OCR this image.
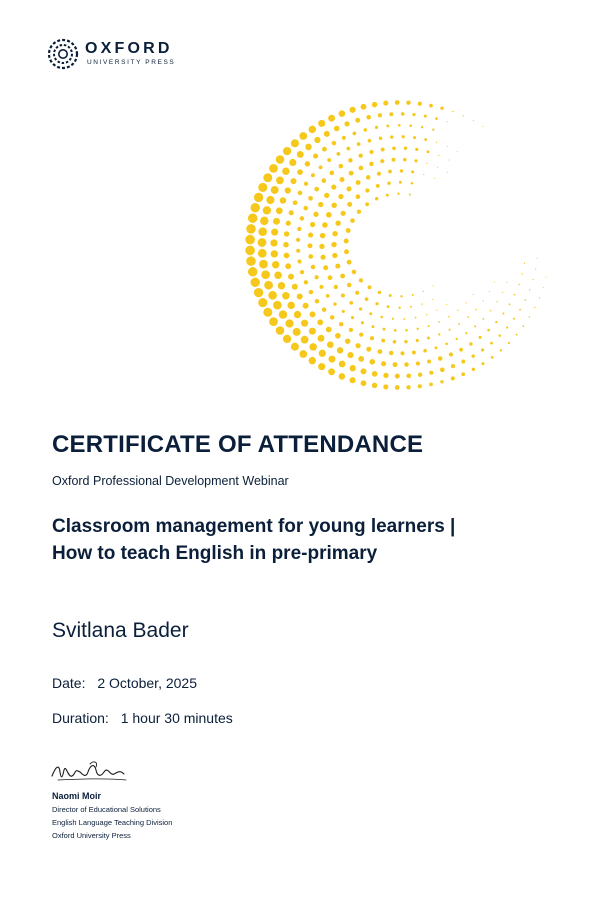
OXFORD
UNIVERSITY PRESS
CERTIFICATE OF ATTENDANCE
Oxford Professional Development Webinar
Classroom management for young learners |
How to teach English in pre-primary
Svitlana Bader
Date: 2 October, 2025
Duration: 1 hour 30 minutes
Naomi Moir
Director of Educational Solutions
English Language Teaching Division
Oxford University Press
